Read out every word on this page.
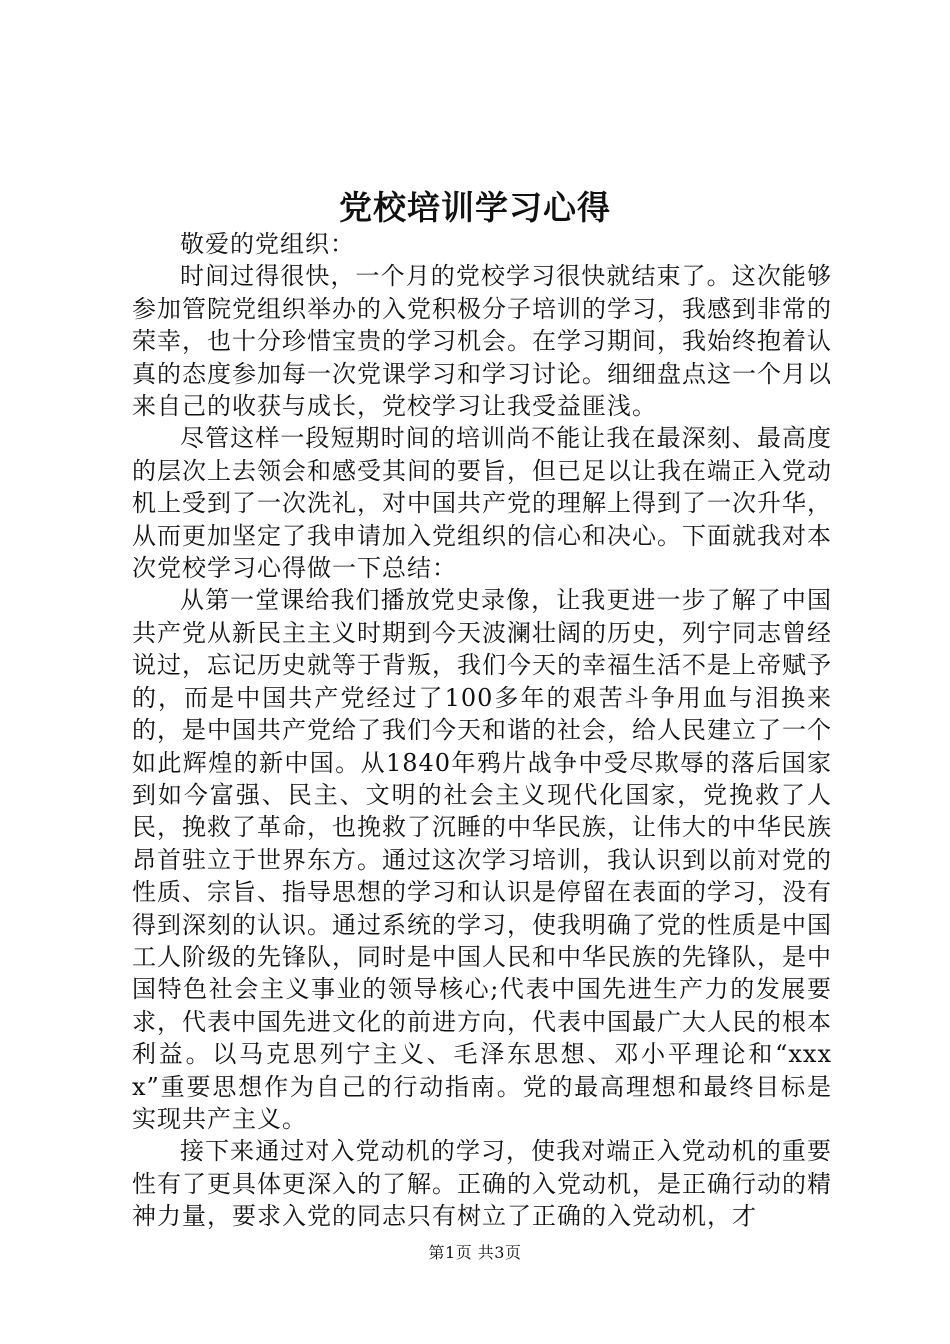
党校培训学习心得

敬爱的党组织：

时间过得很快，一个月的党校学习很快就结束了。这次能够参加管院党组织举办的入党积极分子培训的学习，我感到非常的荣幸，也十分珍惜宝贵的学习机会。在学习期间，我始终抱着认真的态度参加每一次党课学习和学习讨论。细细盘点这一个月以来自己的收获与成长，党校学习让我受益匪浅。

尽管这样一段短期时间的培训尚不能让我在最深刻、最高度的层次上去领会和感受其间的要旨，但已足以让我在端正入党动机上受到了一次洗礼，对中国共产党的理解上得到了一次升华，从而更加坚定了我申请加入党组织的信心和决心。下面就我对本次党校学习心得做一下总结：

从第一堂课给我们播放党史录像，让我更进一步了解了中国共产党从新民主主义时期到今天波澜壮阔的历史，列宁同志曾经说过，忘记历史就等于背叛，我们今天的幸福生活不是上帝赋予的，而是中国共产党经过了100多年的艰苦斗争用血与泪换来的，是中国共产党给了我们今天和谐的社会，给人民建立了一个如此辉煌的新中国。从1840年鸦片战争中受尽欺辱的落后国家到如今富强、民主、文明的社会主义现代化国家，党挽救了人民，挽救了革命，也挽救了沉睡的中华民族，让伟大的中华民族昂首驻立于世界东方。通过这次学习培训，我认识到以前对党的性质、宗旨、指导思想的学习和认识是停留在表面的学习，没有得到深刻的认识。通过系统的学习，使我明确了党的性质是中国工人阶级的先锋队，同时是中国人民和中华民族的先锋队，是中国特色社会主义事业的领导核心;代表中国先进生产力的发展要求，代表中国先进文化的前进方向，代表中国最广大人民的根本利益。以马克思列宁主义、毛泽东思想、邓小平理论和“xxxx”重要思想作为自己的行动指南。党的最高理想和最终目标是实现共产主义。

接下来通过对入党动机的学习，使我对端正入党动机的重要性有了更具体更深入的了解。正确的入党动机，是正确行动的精神力量，要求入党的同志只有树立了正确的入党动机，才

第1页 共3页
